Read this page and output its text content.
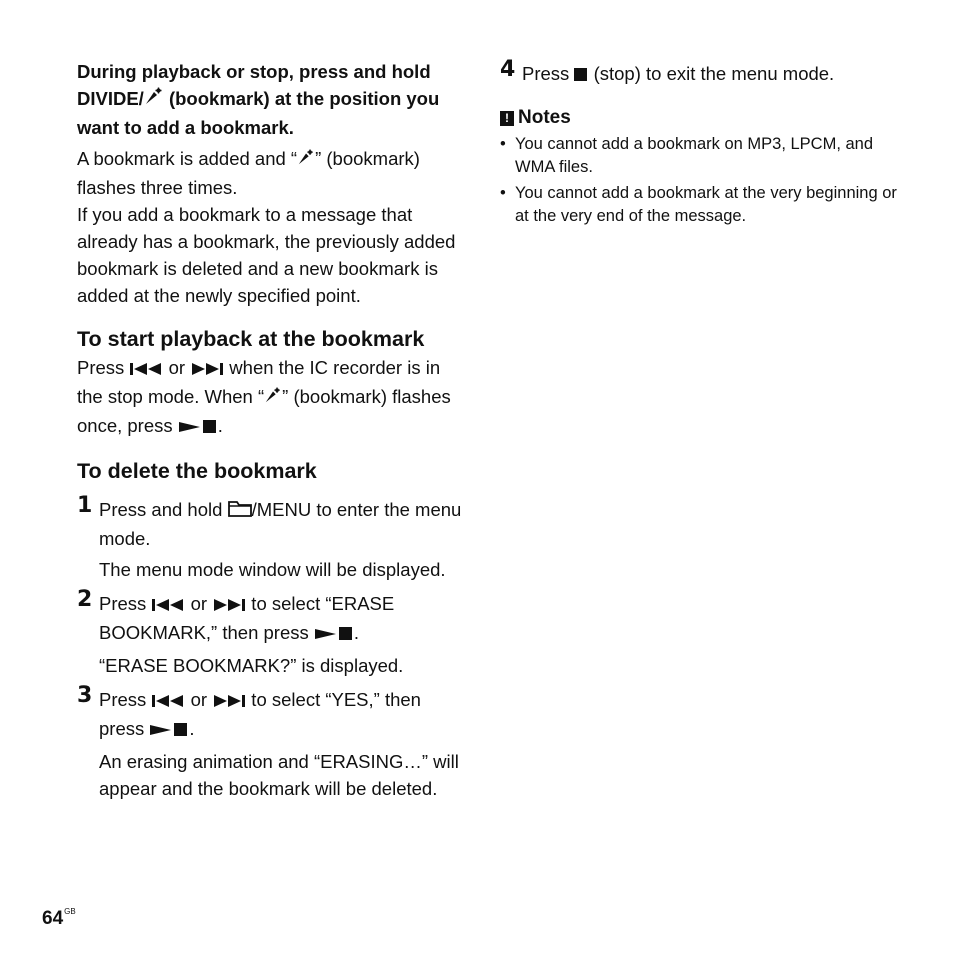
During playback or stop, press and hold DIVIDE/ (bookmark) at the position you want to add a bookmark.
A bookmark is added and “ ” (bookmark) flashes three times.
If you add a bookmark to a message that already has a bookmark, the previously added bookmark is deleted and a new bookmark is added at the newly specified point.
To start playback at the bookmark
Press  or  when the IC recorder is in the stop mode. When “ ” (bookmark) flashes once, press .
To delete the bookmark
1 Press and hold /MENU to enter the menu mode.
The menu mode window will be displayed.
2 Press  or  to select “ERASE BOOKMARK,” then press .
“ERASE BOOKMARK?” is displayed.
3 Press  or  to select “YES,” then press .
An erasing animation and “ERASING…” will appear and the bookmark will be deleted.
4 Press  (stop) to exit the menu mode.
! Notes
• You cannot add a bookmark on MP3, LPCM, and WMA files.
• You cannot add a bookmark at the very beginning or at the very end of the message.
$64^{GB}$
